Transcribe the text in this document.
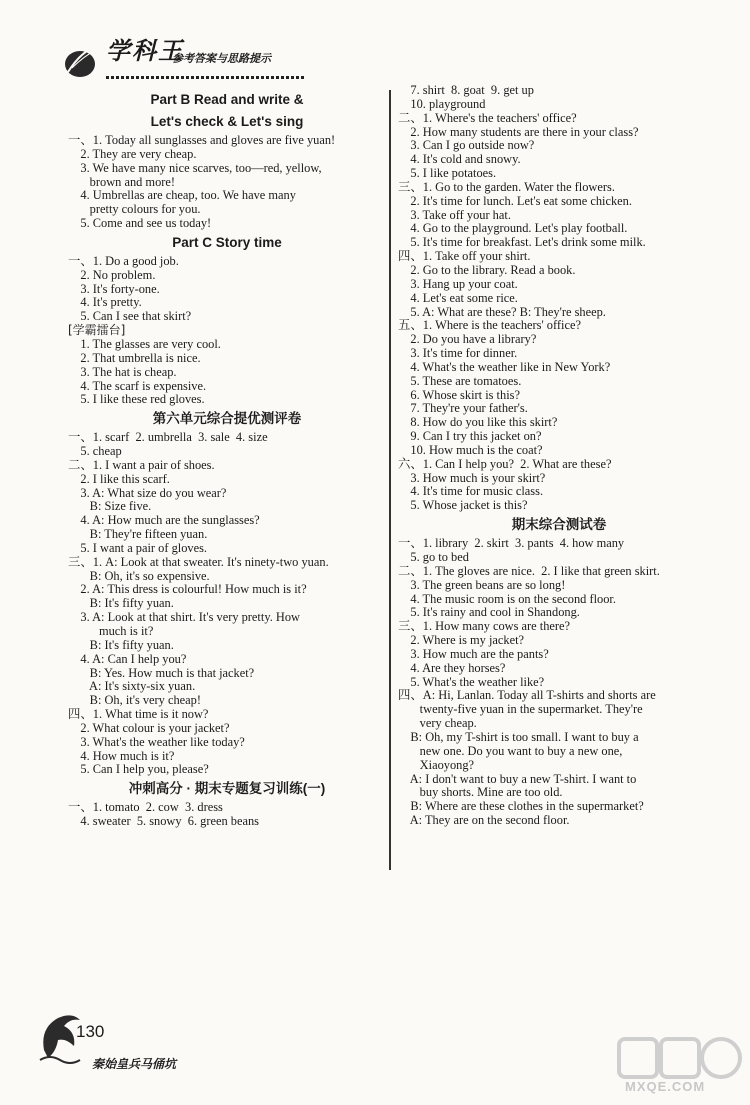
学科王
参考答案与思路提示
Part B Read and write &
Let's check & Let's sing
一、1. Today all sunglasses and gloves are five yuan!
2. They are very cheap.
3. We have many nice scarves, too—red, yellow,
brown and more!
4. Umbrellas are cheap, too. We have many
pretty colours for you.
5. Come and see us today!
Part C Story time
一、1. Do a good job.
2. No problem.
3. It's forty-one.
4. It's pretty.
5. Can I see that skirt?
[学霸擂台]
1. The glasses are very cool.
2. That umbrella is nice.
3. The hat is cheap.
4. The scarf is expensive.
5. I like these red gloves.
第六单元综合提优测评卷
一、1. scarf  2. umbrella  3. sale  4. size
5. cheap
二、1. I want a pair of shoes.
2. I like this scarf.
3. A: What size do you wear?
B: Size five.
4. A: How much are the sunglasses?
B: They're fifteen yuan.
5. I want a pair of gloves.
三、1. A: Look at that sweater. It's ninety-two yuan.
B: Oh, it's so expensive.
2. A: This dress is colourful! How much is it?
B: It's fifty yuan.
3. A: Look at that shirt. It's very pretty. How
much is it?
B: It's fifty yuan.
4. A: Can I help you?
B: Yes. How much is that jacket?
A: It's sixty-six yuan.
B: Oh, it's very cheap!
四、1. What time is it now?
2. What colour is your jacket?
3. What's the weather like today?
4. How much is it?
5. Can I help you, please?
冲刺高分 · 期末专题复习训练(一)
一、1. tomato  2. cow  3. dress
4. sweater  5. snowy  6. green beans
7. shirt  8. goat  9. get up
10. playground
二、1. Where's the teachers' office?
2. How many students are there in your class?
3. Can I go outside now?
4. It's cold and snowy.
5. I like potatoes.
三、1. Go to the garden. Water the flowers.
2. It's time for lunch. Let's eat some chicken.
3. Take off your hat.
4. Go to the playground. Let's play football.
5. It's time for breakfast. Let's drink some milk.
四、1. Take off your shirt.
2. Go to the library. Read a book.
3. Hang up your coat.
4. Let's eat some rice.
5. A: What are these? B: They're sheep.
五、1. Where is the teachers' office?
2. Do you have a library?
3. It's time for dinner.
4. What's the weather like in New York?
5. These are tomatoes.
6. Whose skirt is this?
7. They're your father's.
8. How do you like this skirt?
9. Can I try this jacket on?
10. How much is the coat?
六、1. Can I help you?  2. What are these?
3. How much is your skirt?
4. It's time for music class.
5. Whose jacket is this?
期末综合测试卷
一、1. library  2. skirt  3. pants  4. how many
5. go to bed
二、1. The gloves are nice.  2. I like that green skirt.
3. The green beans are so long!
4. The music room is on the second floor.
5. It's rainy and cool in Shandong.
三、1. How many cows are there?
2. Where is my jacket?
3. How much are the pants?
4. Are they horses?
5. What's the weather like?
四、A: Hi, Lanlan. Today all T-shirts and shorts are
twenty-five yuan in the supermarket. They're
very cheap.
B: Oh, my T-shirt is too small. I want to buy a
new one. Do you want to buy a new one,
Xiaoyong?
A: I don't want to buy a new T-shirt. I want to
buy shorts. Mine are too old.
B: Where are these clothes in the supermarket?
A: They are on the second floor.
130
秦始皇兵马俑坑
MXQE.COM
